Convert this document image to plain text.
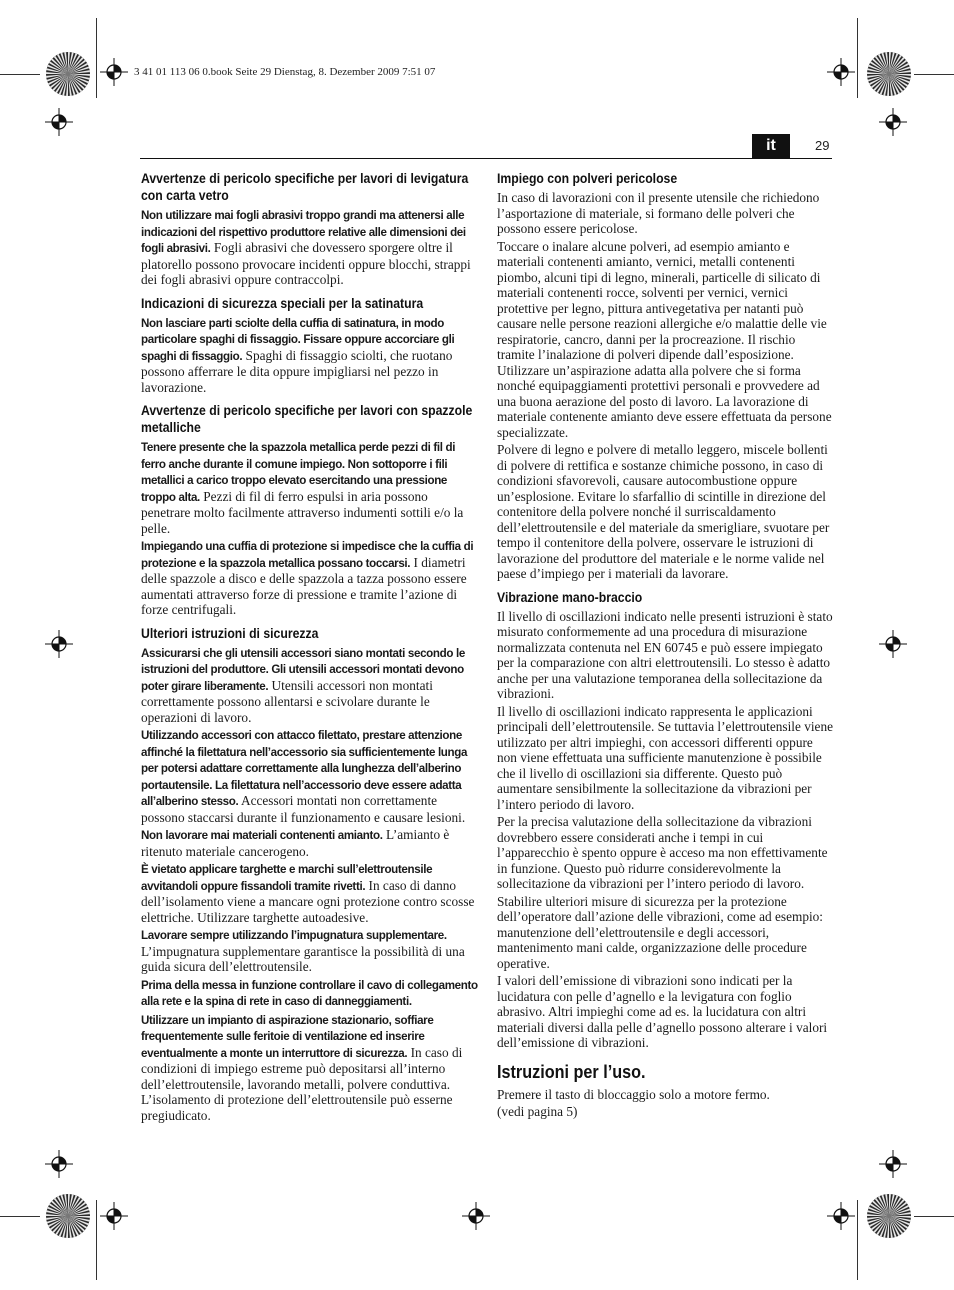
3 41 01 113 06 0.book Seite 29 Dienstag, 8. Dezember 2009 7:51 07
it	29
Avvertenze di pericolo specifiche per lavori di levigatura con carta vetro

Non utilizzare mai fogli abrasivi troppo grandi ma attenersi alle indicazioni del rispettivo produttore relative alle dimensioni dei fogli abrasivi. Fogli abrasivi che dovessero sporgere oltre il platorello possono provocare incidenti oppure blocchi, strappi dei fogli abrasivi oppure contraccolpi.

Indicazioni di sicurezza speciali per la satinatura

Non lasciare parti sciolte della cuffia di satinatura, in modo particolare spaghi di fissaggio. Fissare oppure accorciare gli spaghi di fissaggio. Spaghi di fissaggio sciolti, che ruotano possono afferrare le dita oppure impigliarsi nel pezzo in lavorazione.

Avvertenze di pericolo specifiche per lavori con spazzole metalliche

Tenere presente che la spazzola metallica perde pezzi di fil di ferro anche durante il comune impiego. Non sottoporre i fili metallici a carico troppo elevato esercitando una pressione troppo alta. Pezzi di fil di ferro espulsi in aria possono penetrare molto facilmente attraverso indumenti sottili e/o la pelle.

Impiegando una cuffia di protezione si impedisce che la cuffia di protezione e la spazzola metallica possano toccarsi. I diametri delle spazzole a disco e delle spazzola a tazza possono essere aumentati attraverso forze di pressione e tramite l’azione di forze centrifugali.

Ulteriori istruzioni di sicurezza

Assicurarsi che gli utensili accessori siano montati secondo le istruzioni del produttore. Gli utensili accessori montati devono poter girare liberamente. Utensili accessori non montati correttamente possono allentarsi e scivolare durante le operazioni di lavoro.

Utilizzando accessori con attacco filettato, prestare attenzione affinché la filettatura nell’accessorio sia sufficientemente lunga per potersi adattare correttamente alla lunghezza dell’alberino portautensile. La filettatura nell’accessorio deve essere adatta all’alberino stesso. Accessori montati non correttamente possono staccarsi durante il funzionamento e causare lesioni.

Non lavorare mai materiali contenenti amianto. L’amianto è ritenuto materiale cancerogeno.

È vietato applicare targhette e marchi sull’elettroutensile avvitandoli oppure fissandoli tramite rivetti. In caso di danno dell’isolamento viene a mancare ogni protezione contro scosse elettriche. Utilizzare targhette autoadesive.

Lavorare sempre utilizzando l’impugnatura supplementare. L’impugnatura supplementare garantisce la possibilità di una guida sicura dell’elettroutensile.

Prima della messa in funzione controllare il cavo di collegamento alla rete e la spina di rete in caso di danneggiamenti.

Utilizzare un impianto di aspirazione stazionario, soffiare frequentemente sulle feritoie di ventilazione ed inserire eventualmente a monte un interruttore di sicurezza. In caso di condizioni di impiego estreme può depositarsi all’interno dell’elettroutensile, lavorando metalli, polvere conduttiva. L’isolamento di protezione dell’elettroutensile può esserne pregiudicato.

Impiego con polveri pericolose

In caso di lavorazioni con il presente utensile che richiedono l’asportazione di materiale, si formano delle polveri che possono essere pericolose.

Toccare o inalare alcune polveri, ad esempio amianto e materiali contenenti amianto, vernici, metalli contenenti piombo, alcuni tipi di legno, minerali, particelle di silicato di materiali contenenti rocce, solventi per vernici, vernici protettive per legno, pittura antivegetativa per natanti può causare nelle persone reazioni allergiche e/o malattie delle vie respiratorie, cancro, danni per la procreazione. Il rischio tramite l’inalazione di polveri dipende dall’esposizione. Utilizzare un’aspirazione adatta alla polvere che si forma nonché equipaggiamenti protettivi personali e provvedere ad una buona aerazione del posto di lavoro. La lavorazione di materiale contenente amianto deve essere effettuata da persone specializzate.

Polvere di legno e polvere di metallo leggero, miscele bollenti di polvere di rettifica e sostanze chimiche possono, in caso di condizioni sfavorevoli, causare autocombustione oppure un’esplosione. Evitare lo sfarfallio di scintille in direzione del contenitore della polvere nonché il surriscaldamento dell’elettroutensile e del materiale da smerigliare, svuotare per tempo il contenitore della polvere, osservare le istruzioni di lavorazione del produttore del materiale e le norme valide nel paese d’impiego per i materiali da lavorare.

Vibrazione mano-braccio

Il livello di oscillazioni indicato nelle presenti istruzioni è stato misurato conformemente ad una procedura di misurazione normalizzata contenuta nel EN 60745 e può essere impiegato per la comparazione con altri elettroutensili. Lo stesso è adatto anche per una valutazione temporanea della sollecitazione da vibrazioni.

Il livello di oscillazioni indicato rappresenta le applicazioni principali dell’elettroutensile. Se tuttavia l’elettroutensile viene utilizzato per altri impieghi, con accessori differenti oppure non viene effettuata una sufficiente manutenzione è possibile che il livello di oscillazioni sia differente. Questo può aumentare sensibilmente la sollecitazione da vibrazioni per l’intero periodo di lavoro.

Per la precisa valutazione della sollecitazione da vibrazioni dovrebbero essere considerati anche i tempi in cui l’apparecchio è spento oppure è acceso ma non effettivamente in funzione. Questo può ridurre considerevolmente la sollecitazione da vibrazioni per l’intero periodo di lavoro.

Stabilire ulteriori misure di sicurezza per la protezione dell’operatore dall’azione delle vibrazioni, come ad esempio: manutenzione dell’elettroutensile e degli accessori, mantenimento mani calde, organizzazione delle procedure operative.

I valori dell’emissione di vibrazioni sono indicati per la lucidatura con pelle d’agnello e la levigatura con foglio abrasivo. Altri impieghi come ad es. la lucidatura con altri materiali diversi dalla pelle d’agnello possono alterare i valori dell’emissione di vibrazioni.

Istruzioni per l’uso.

Premere il tasto di bloccaggio solo a motore fermo.

(vedi pagina 5)
